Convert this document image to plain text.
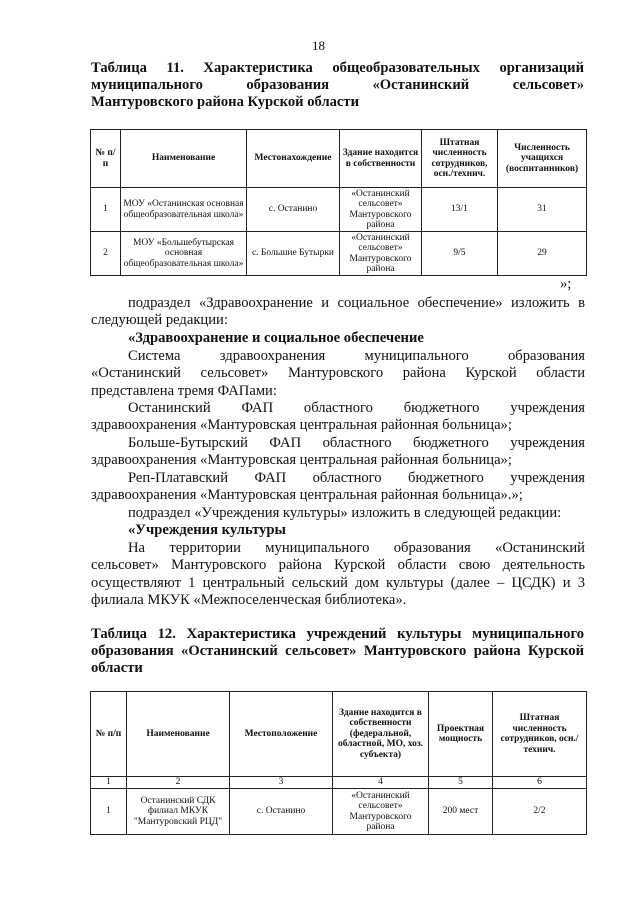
18
Таблица 11. Характеристика общеобразовательных организаций
муниципального образования «Останинский сельсовет»
Мантуровского района Курской области
№ п/п	Наименование	Местонахождение	Здание находится в собственности	Штатная численность сотрудников, осн./технич.	Численность учащихся (воспитанников)
1	МОУ «Останинская основная общеобразовательная школа»	с. Останино	«Останинский сельсовет» Мантуровского района	13/1	31
2	МОУ «Большебутырская основная общеобразовательная школа»	с. Большие Бутырки	«Останинский сельсовет» Мантуровского района	9/5	29
»;
подраздел «Здравоохранение и социальное обеспечение» изложить в
следующей редакции:
«Здравоохранение и социальное обеспечение
Система здравоохранения муниципального образования
«Останинский сельсовет» Мантуровского района Курской области
представлена тремя ФАПами:
Останинский ФАП областного бюджетного учреждения
здравоохранения «Мантуровская центральная районная больница»;
Больше-Бутырский ФАП областного бюджетного учреждения
здравоохранения «Мантуровская центральная районная больница»;
Реп-Платавский ФАП областного бюджетного учреждения
здравоохранения «Мантуровская центральная районная больница».»;
подраздел «Учреждения культуры» изложить в следующей редакции:
«Учреждения культуры
На территории муниципального образования «Останинский
сельсовет» Мантуровского района Курской области свою деятельность
осуществляют 1 центральный сельский дом культуры (далее – ЦСДК) и 3
филиала МКУК «Межпоселенческая библиотека».
Таблица 12. Характеристика учреждений культуры муниципального
образования «Останинский сельсовет» Мантуровского района Курской
области
№ п/п	Наименование	Местоположение	Здание находится в собственности (федеральной, областной, МО, хоз. субъекта)	Проектная мощность	Штатная численность сотрудников, осн./технич.
1	2	3	4	5	6
1	Останинский СДК филиал МКУК "Мантуровский РЦД"	с. Останино	«Останинский сельсовет» Мантуровского района	200 мест	2/2
